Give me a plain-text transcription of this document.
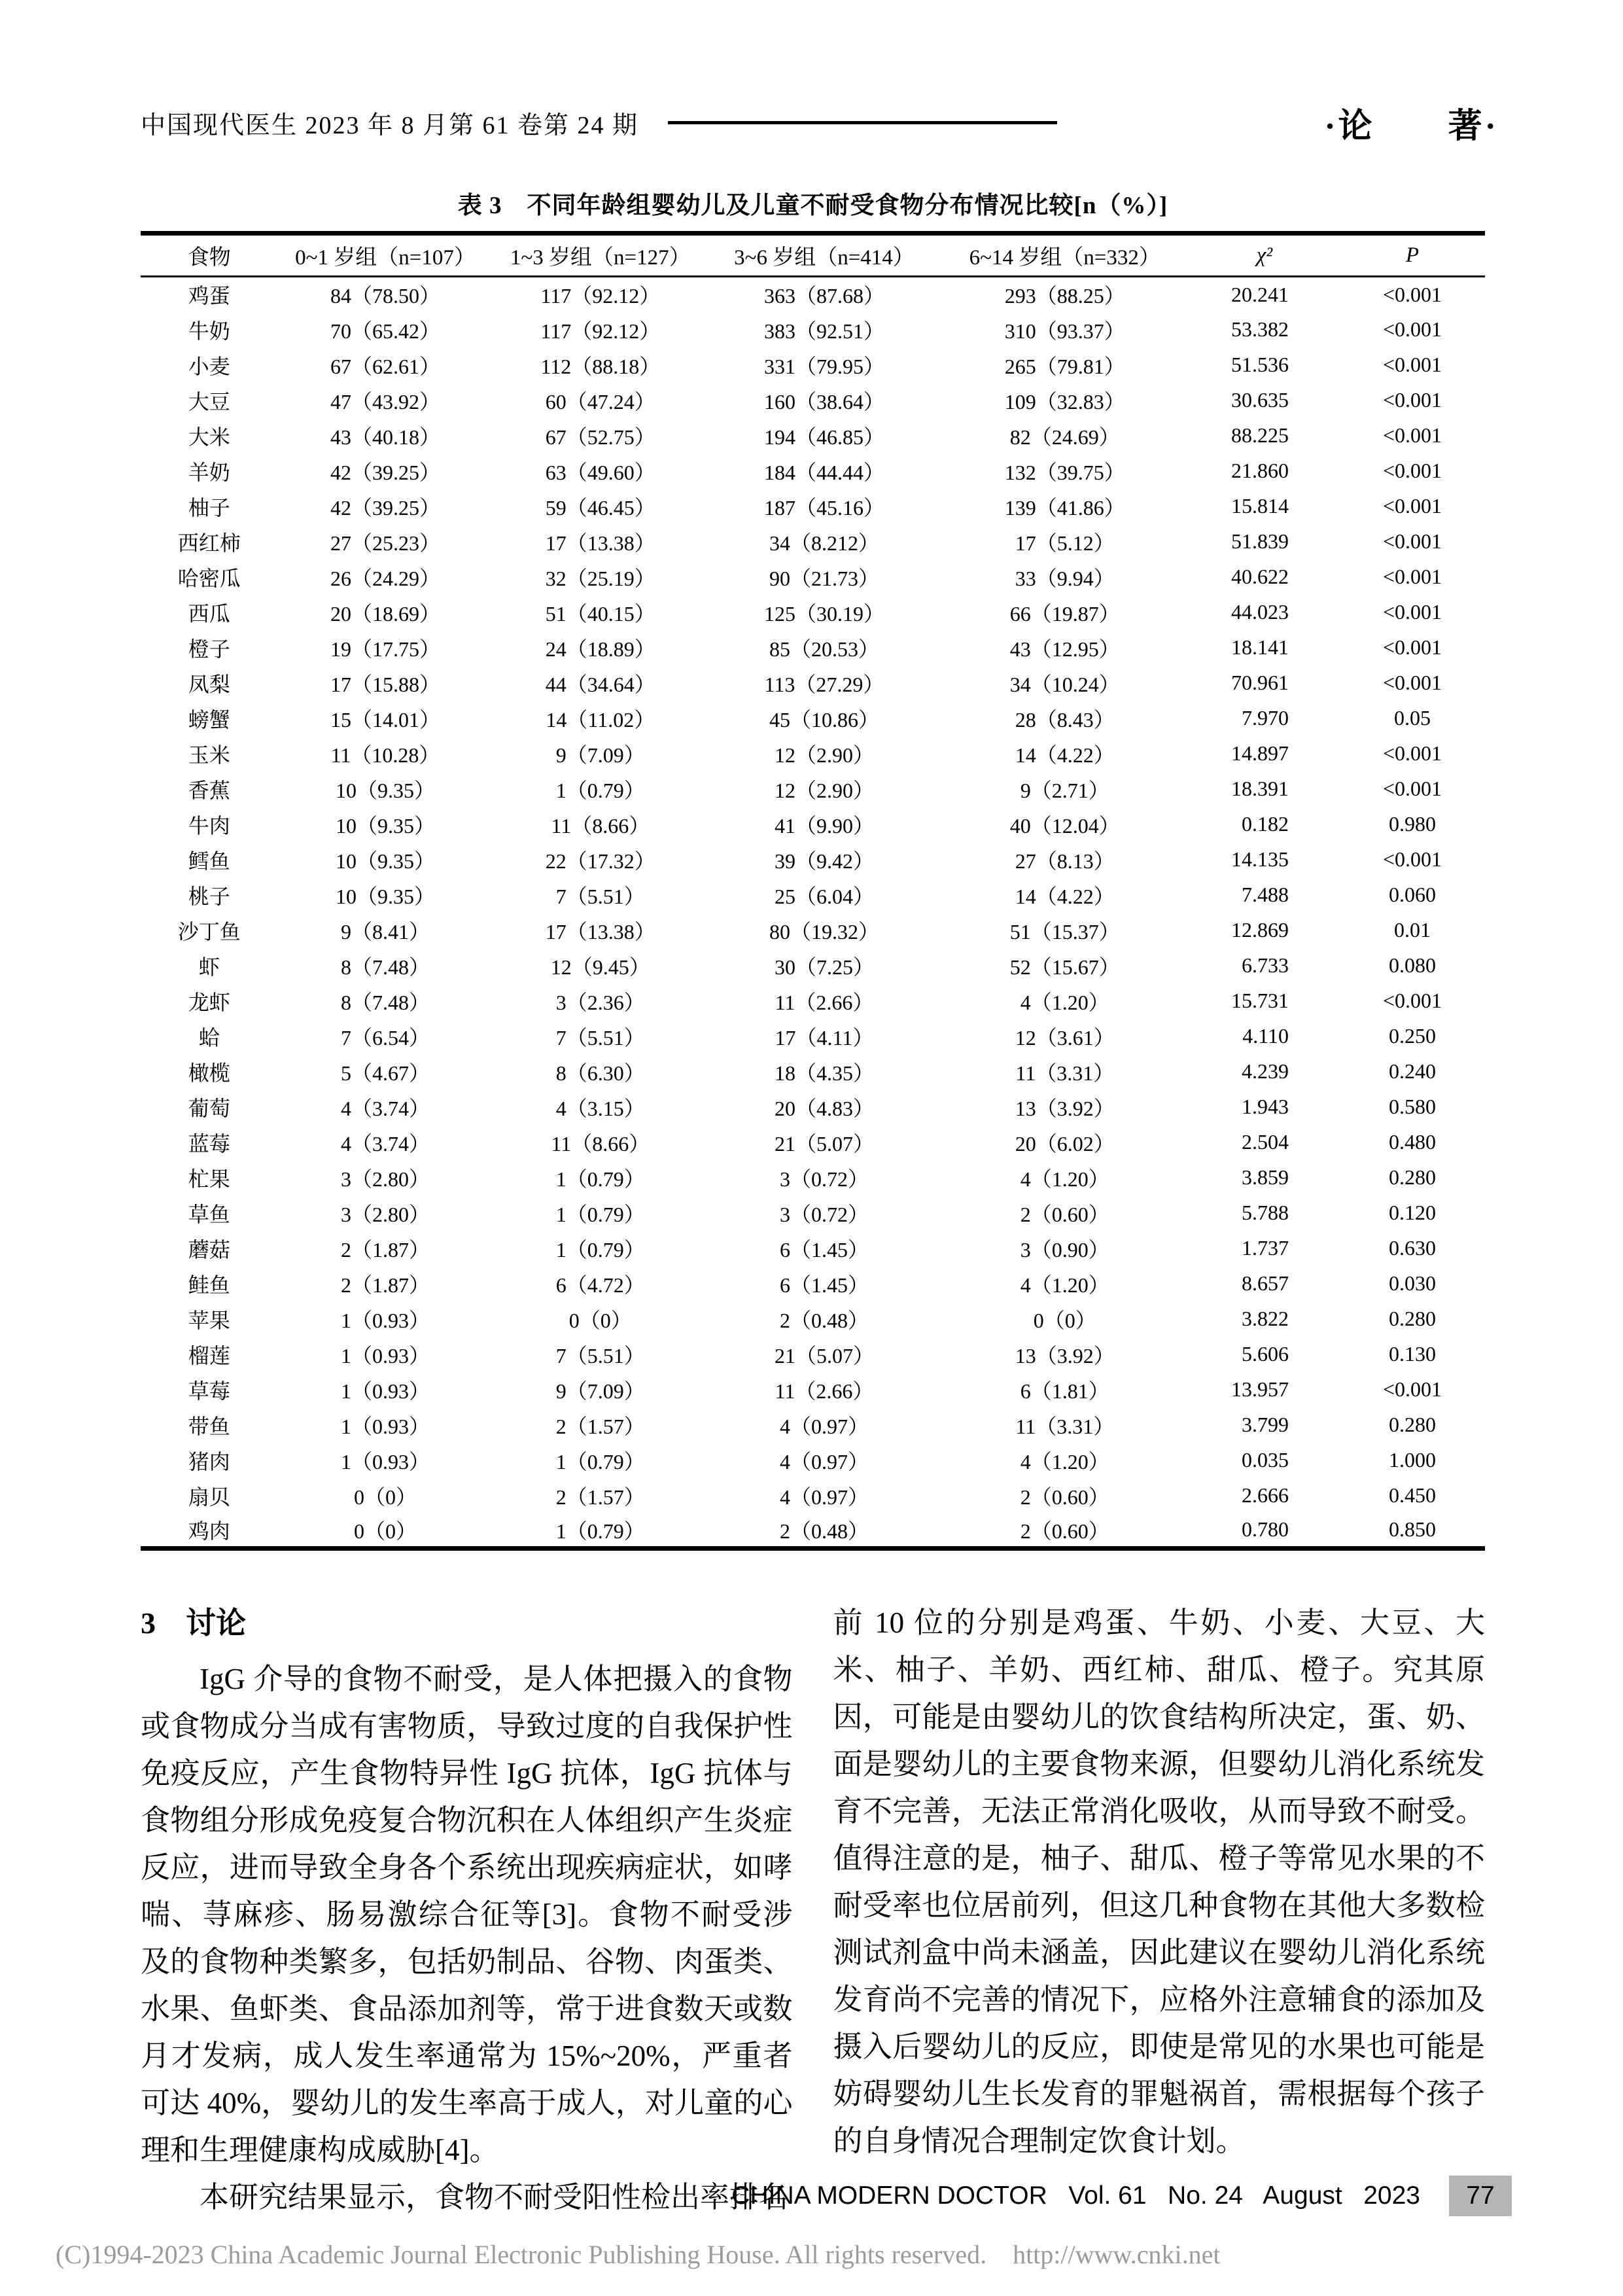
中国现代医生 2023 年 8 月第 61 卷第 24 期	·论　　著·
表 3　不同年龄组婴幼儿及儿童不耐受食物分布情况比较[n（%）]
食物	0~1 岁组（n=107）	1~3 岁组（n=127）	3~6 岁组（n=414）	6~14 岁组（n=332）	χ²	P
鸡蛋	84（78.50）	117（92.12）	363（87.68）	293（88.25）	20.241	<0.001
牛奶	70（65.42）	117（92.12）	383（92.51）	310（93.37）	53.382	<0.001
小麦	67（62.61）	112（88.18）	331（79.95）	265（79.81）	51.536	<0.001
大豆	47（43.92）	60（47.24）	160（38.64）	109（32.83）	30.635	<0.001
大米	43（40.18）	67（52.75）	194（46.85）	82（24.69）	88.225	<0.001
羊奶	42（39.25）	63（49.60）	184（44.44）	132（39.75）	21.860	<0.001
柚子	42（39.25）	59（46.45）	187（45.16）	139（41.86）	15.814	<0.001
西红柿	27（25.23）	17（13.38）	34（8.212）	17（5.12）	51.839	<0.001
哈密瓜	26（24.29）	32（25.19）	90（21.73）	33（9.94）	40.622	<0.001
西瓜	20（18.69）	51（40.15）	125（30.19）	66（19.87）	44.023	<0.001
橙子	19（17.75）	24（18.89）	85（20.53）	43（12.95）	18.141	<0.001
凤梨	17（15.88）	44（34.64）	113（27.29）	34（10.24）	70.961	<0.001
螃蟹	15（14.01）	14（11.02）	45（10.86）	28（8.43）	7.970	0.05
玉米	11（10.28）	9（7.09）	12（2.90）	14（4.22）	14.897	<0.001
香蕉	10（9.35）	1（0.79）	12（2.90）	9（2.71）	18.391	<0.001
牛肉	10（9.35）	11（8.66）	41（9.90）	40（12.04）	0.182	0.980
鳕鱼	10（9.35）	22（17.32）	39（9.42）	27（8.13）	14.135	<0.001
桃子	10（9.35）	7（5.51）	25（6.04）	14（4.22）	7.488	0.060
沙丁鱼	9（8.41）	17（13.38）	80（19.32）	51（15.37）	12.869	0.01
虾	8（7.48）	12（9.45）	30（7.25）	52（15.67）	6.733	0.080
龙虾	8（7.48）	3（2.36）	11（2.66）	4（1.20）	15.731	<0.001
蛤	7（6.54）	7（5.51）	17（4.11）	12（3.61）	4.110	0.250
橄榄	5（4.67）	8（6.30）	18（4.35）	11（3.31）	4.239	0.240
葡萄	4（3.74）	4（3.15）	20（4.83）	13（3.92）	1.943	0.580
蓝莓	4（3.74）	11（8.66）	21（5.07）	20（6.02）	2.504	0.480
杧果	3（2.80）	1（0.79）	3（0.72）	4（1.20）	3.859	0.280
草鱼	3（2.80）	1（0.79）	3（0.72）	2（0.60）	5.788	0.120
蘑菇	2（1.87）	1（0.79）	6（1.45）	3（0.90）	1.737	0.630
鲑鱼	2（1.87）	6（4.72）	6（1.45）	4（1.20）	8.657	0.030
苹果	1（0.93）	0（0）	2（0.48）	0（0）	3.822	0.280
榴莲	1（0.93）	7（5.51）	21（5.07）	13（3.92）	5.606	0.130
草莓	1（0.93）	9（7.09）	11（2.66）	6（1.81）	13.957	<0.001
带鱼	1（0.93）	2（1.57）	4（0.97）	11（3.31）	3.799	0.280
猪肉	1（0.93）	1（0.79）	4（0.97）	4（1.20）	0.035	1.000
扇贝	0（0）	2（1.57）	4（0.97）	2（0.60）	2.666	0.450
鸡肉	0（0）	1（0.79）	2（0.48）	2（0.60）	0.780	0.850
3　讨论

IgG 介导的食物不耐受，是人体把摄入的食物或食物成分当成有害物质，导致过度的自我保护性免疫反应，产生食物特异性 IgG 抗体，IgG 抗体与食物组分形成免疫复合物沉积在人体组织产生炎症反应，进而导致全身各个系统出现疾病症状，如哮喘、荨麻疹、肠易激综合征等[3]。食物不耐受涉及的食物种类繁多，包括奶制品、谷物、肉蛋类、水果、鱼虾类、食品添加剂等，常于进食数天或数月才发病，成人发生率通常为 15%~20%，严重者可达 40%，婴幼儿的发生率高于成人，对儿童的心理和生理健康构成威胁[4]。

本研究结果显示，食物不耐受阳性检出率排名

前 10 位的分别是鸡蛋、牛奶、小麦、大豆、大米、柚子、羊奶、西红柿、甜瓜、橙子。究其原因，可能是由婴幼儿的饮食结构所决定，蛋、奶、面是婴幼儿的主要食物来源，但婴幼儿消化系统发育不完善，无法正常消化吸收，从而导致不耐受。值得注意的是，柚子、甜瓜、橙子等常见水果的不耐受率也位居前列，但这几种食物在其他大多数检测试剂盒中尚未涵盖，因此建议在婴幼儿消化系统发育尚不完善的情况下，应格外注意辅食的添加及摄入后婴幼儿的反应，即使是常见的水果也可能是妨碍婴幼儿生长发育的罪魁祸首，需根据每个孩子的自身情况合理制定饮食计划。

CHINA MODERN DOCTOR   Vol. 61   No. 24   August   2023	77
(C)1994-2023 China Academic Journal Electronic Publishing House. All rights reserved.    http://www.cnki.net
